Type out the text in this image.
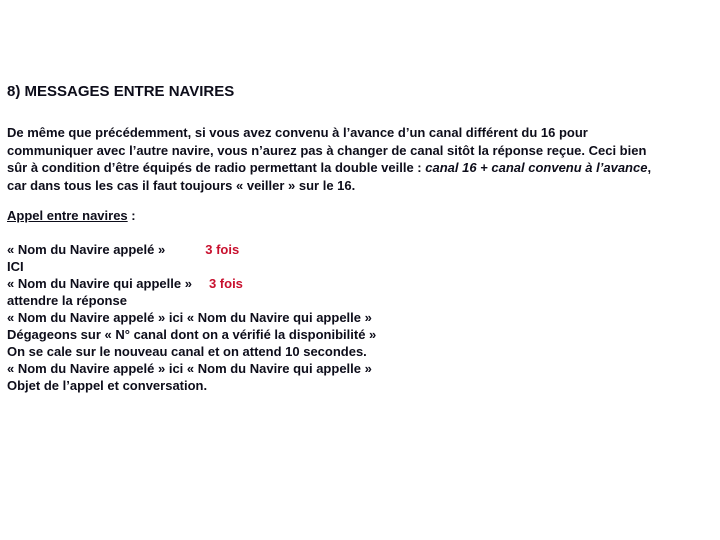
8) MESSAGES ENTRE NAVIRES
De même que précédemment, si vous avez convenu à l’avance d’un canal différent du 16 pour
communiquer avec l’autre navire, vous n’aurez pas à changer de canal sitôt la réponse reçue. Ceci bien
sûr à condition d’être équipés de radio permettant la double veille : canal 16 + canal convenu à l’avance,
car dans tous les cas il faut toujours « veiller » sur le 16.
Appel entre navires :
« Nom du Navire appelé »	3 fois
ICI
« Nom du Navire qui appelle » 3 fois
attendre la réponse
« Nom du Navire appelé » ici « Nom du Navire qui appelle »
Dégageons sur « N° canal dont on a vérifié la disponibilité »
On se cale sur le nouveau canal et on attend 10 secondes.
« Nom du Navire appelé » ici « Nom du Navire qui appelle »
Objet de l’appel et conversation.
